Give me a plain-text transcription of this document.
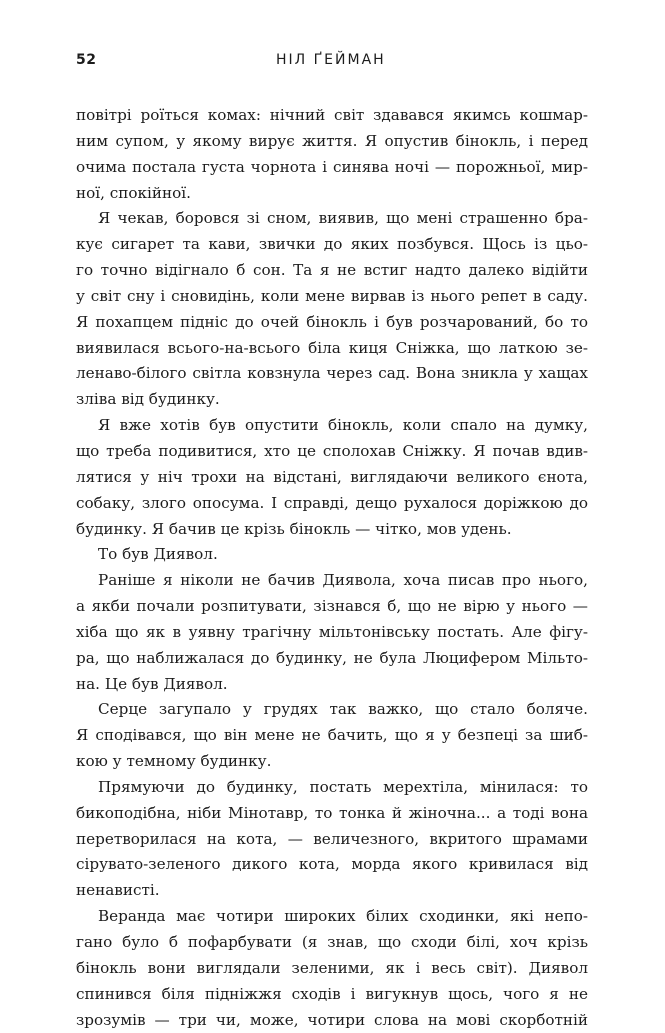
52	НІЛ ҐЕЙМАН

повітрі роїться комах: нічний світ здавався якимсь кошмар-
ним супом, у якому вирує життя. Я опустив бінокль, і перед
очима постала густа чорнота і синява ночі — порожньої, мир-
ної, спокійної.

Я чекав, боровся зі сном, виявив, що мені страшенно бра-
кує сигарет та кави, звички до яких позбувся. Щось із цьо-
го точно відігнало б сон. Та я не встиг надто далеко відійти
у світ сну і сновидінь, коли мене вирвав із нього репет в саду.
Я похапцем підніс до очей бінокль і був розчарований, бо то
виявилася всього-на-всього біла киця Сніжка, що латкою зе-
ленаво-білого світла ковзнула через сад. Вона зникла у хащах
зліва від будинку.

Я вже хотів був опустити бінокль, коли спало на думку,
що треба подивитися, хто це сполохав Сніжку. Я почав вдив-
лятися у ніч трохи на відстані, виглядаючи великого єнота,
собаку, злого опосума. І справді, дещо рухалося доріжкою до
будинку. Я бачив це крізь бінокль — чітко, мов удень.

То був Диявол.

Раніше я ніколи не бачив Диявола, хоча писав про нього,
а якби почали розпитувати, зізнався б, що не вірю у нього —
хіба що як в уявну трагічну мільтонівську постать. Але фігу-
ра, що наближалася до будинку, не була Люцифером Мільто-
на. Це був Диявол.

Серце загупало у грудях так важко, що стало боляче.
Я сподівався, що він мене не бачить, що я у безпеці за шиб-
кою у темному будинку.

Прямуючи до будинку, постать мерехтіла, мінилася: то
бикоподібна, ніби Мінотавр, то тонка й жіночна... а тоді вона
перетворилася на кота, — величезного, вкритого шрамами
сірувато-зеленого дикого кота, морда якого кривилася від
ненависті.

Веранда має чотири широких білих сходинки, які непо-
гано було б пофарбувати (я знав, що сходи білі, хоч крізь
бінокль вони виглядали зеленими, як і весь світ). Диявол
спинився біля підніжжя сходів і вигукнув щось, чого я не
зрозумів — три чи, може, чотири слова на мові скорботній
